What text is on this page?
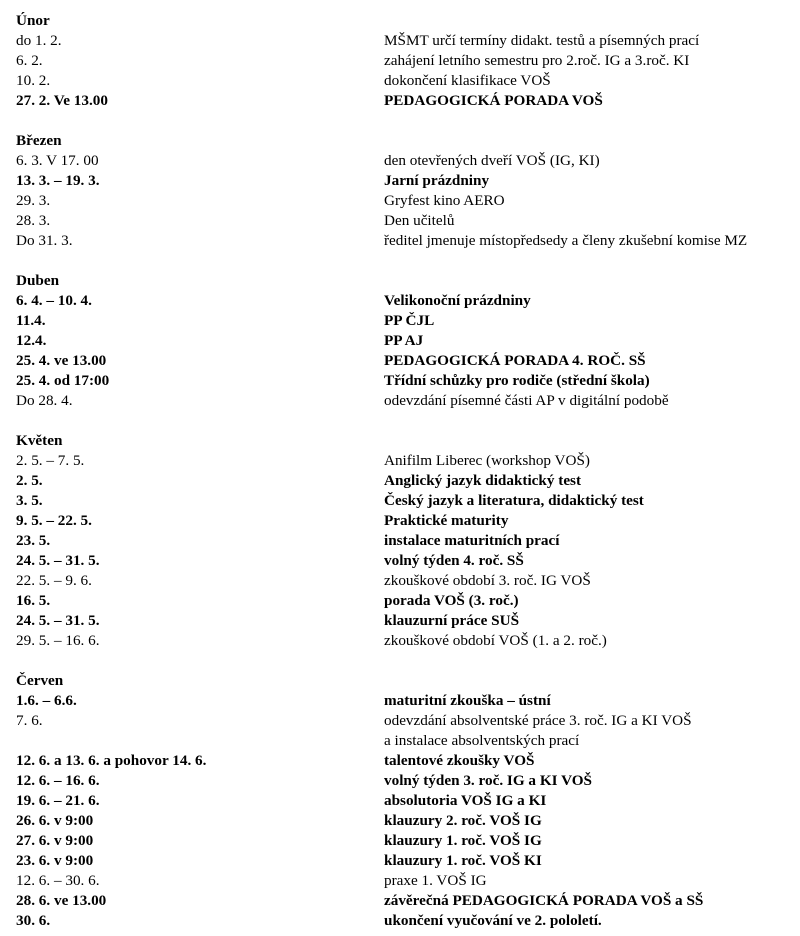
Únor
do 1. 2.	MŠMT určí termíny didakt. testů a písemných prací
6. 2.	zahájení letního semestru pro 2.roč. IG a 3.roč. KI
10. 2.	dokončení klasifikace VOŠ
27. 2. Ve 13.00	PEDAGOGICKÁ PORADA VOŠ
Březen
6. 3. V 17. 00	den otevřených dveří VOŠ (IG, KI)
13. 3. – 19. 3.	Jarní prázdniny
29. 3.	Gryfest kino AERO
28. 3.	Den učitelů
Do 31. 3.	ředitel jmenuje místopředsedy a členy zkušební komise MZ
Duben
6. 4. – 10. 4.	Velikonoční prázdniny
11.4.	PP ČJL
12.4.	PP AJ
25. 4. ve 13.00	PEDAGOGICKÁ PORADA 4. ROČ. SŠ
25. 4. od 17:00	Třídní schůzky pro rodiče (střední škola)
Do 28. 4.	odevzdání písemné části AP v digitální podobě
Květen
2. 5. – 7. 5.	Anifilm Liberec (workshop VOŠ)
2. 5.	Anglický jazyk didaktický test
3. 5.	Český jazyk a literatura, didaktický test
9. 5. – 22. 5.	Praktické maturity
23. 5.	instalace maturitních prací
24. 5. – 31. 5.	volný týden 4. roč. SŠ
22. 5. – 9. 6.	zkouškové období 3. roč. IG VOŠ
16. 5.	porada VOŠ (3. roč.)
24. 5. – 31. 5.	klauzurní práce SUŠ
29. 5. – 16. 6.	zkouškové období VOŠ (1. a 2. roč.)
Červen
1.6. – 6.6.	maturitní zkouška – ústní
7. 6.	odevzdání absolventské práce 3. roč. IG a KI VOŠ
a instalace absolventských prací
12. 6. a 13. 6. a pohovor 14. 6.	talentové zkoušky VOŠ
12. 6. – 16. 6.	volný týden 3. roč. IG a KI VOŠ
19. 6. – 21. 6.	absolutoria VOŠ IG a KI
26. 6. v 9:00	klauzury 2. roč. VOŠ IG
27. 6. v 9:00	klauzury 1. roč. VOŠ IG
23. 6. v 9:00	klauzury 1. roč. VOŠ KI
12. 6. – 30. 6.	praxe 1. VOŠ IG
28. 6. ve 13.00	závěrečná PEDAGOGICKÁ PORADA VOŠ a SŠ
30. 6.	ukončení vyučování ve 2. pololetí.
